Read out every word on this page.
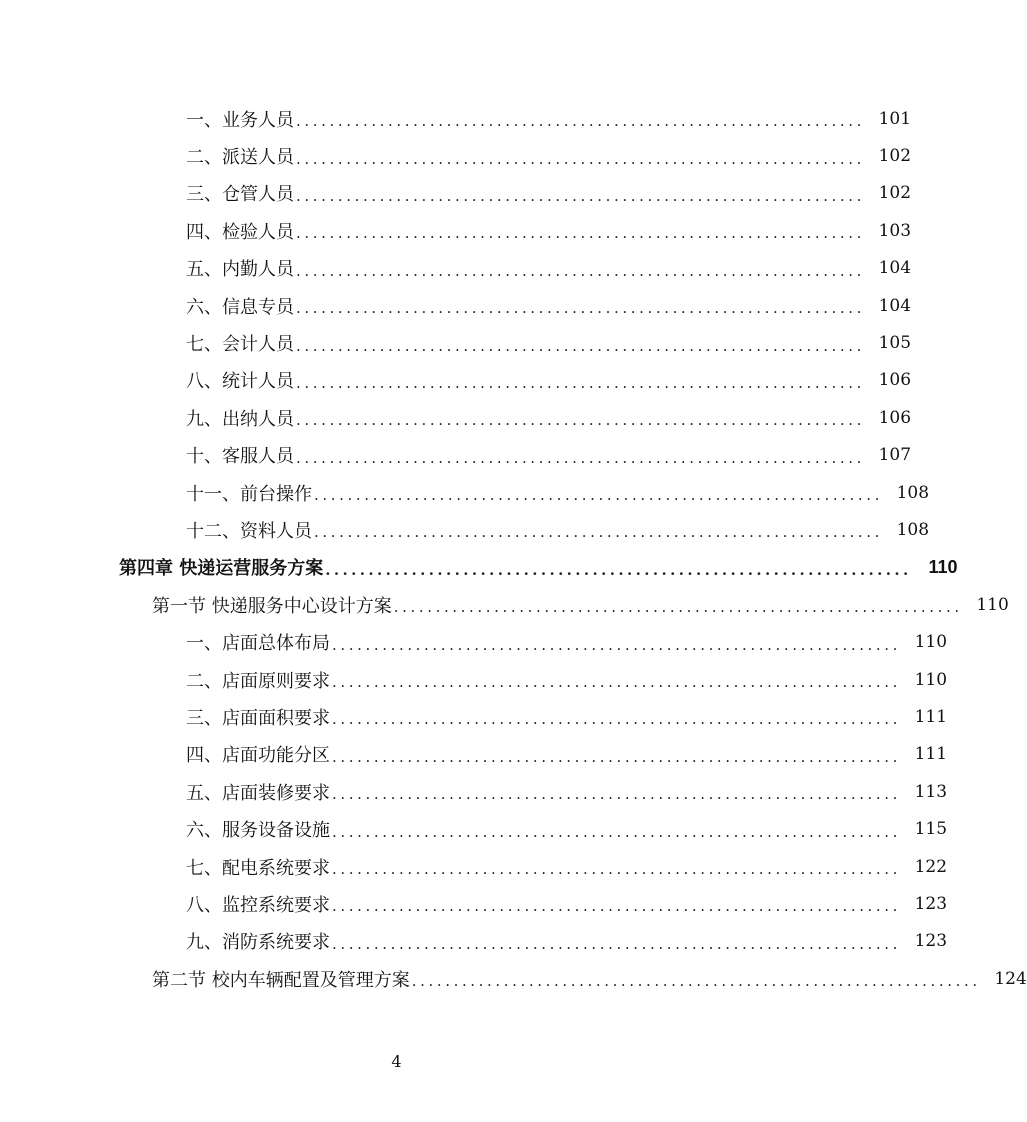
一、业务人员 .................................................................... 101
二、派送人员 .................................................................... 102
三、仓管人员 .................................................................... 102
四、检验人员 .................................................................... 103
五、内勤人员 .................................................................... 104
六、信息专员 .................................................................... 104
七、会计人员 .................................................................... 105
八、统计人员 .................................................................... 106
九、出纳人员 .................................................................... 106
十、客服人员 .................................................................... 107
十一、前台操作 .................................................................... 108
十二、资料人员 .................................................................... 108
第四章 快递运营服务方案 .................................................................... 110
第一节 快递服务中心设计方案 .................................................................... 110
一、店面总体布局 .................................................................... 110
二、店面原则要求 .................................................................... 110
三、店面面积要求 .................................................................... 111
四、店面功能分区 .................................................................... 111
五、店面装修要求 .................................................................... 113
六、服务设备设施 .................................................................... 115
七、配电系统要求 .................................................................... 122
八、监控系统要求 .................................................................... 123
九、消防系统要求 .................................................................... 123
第二节 校内车辆配置及管理方案 .................................................................... 124
4
